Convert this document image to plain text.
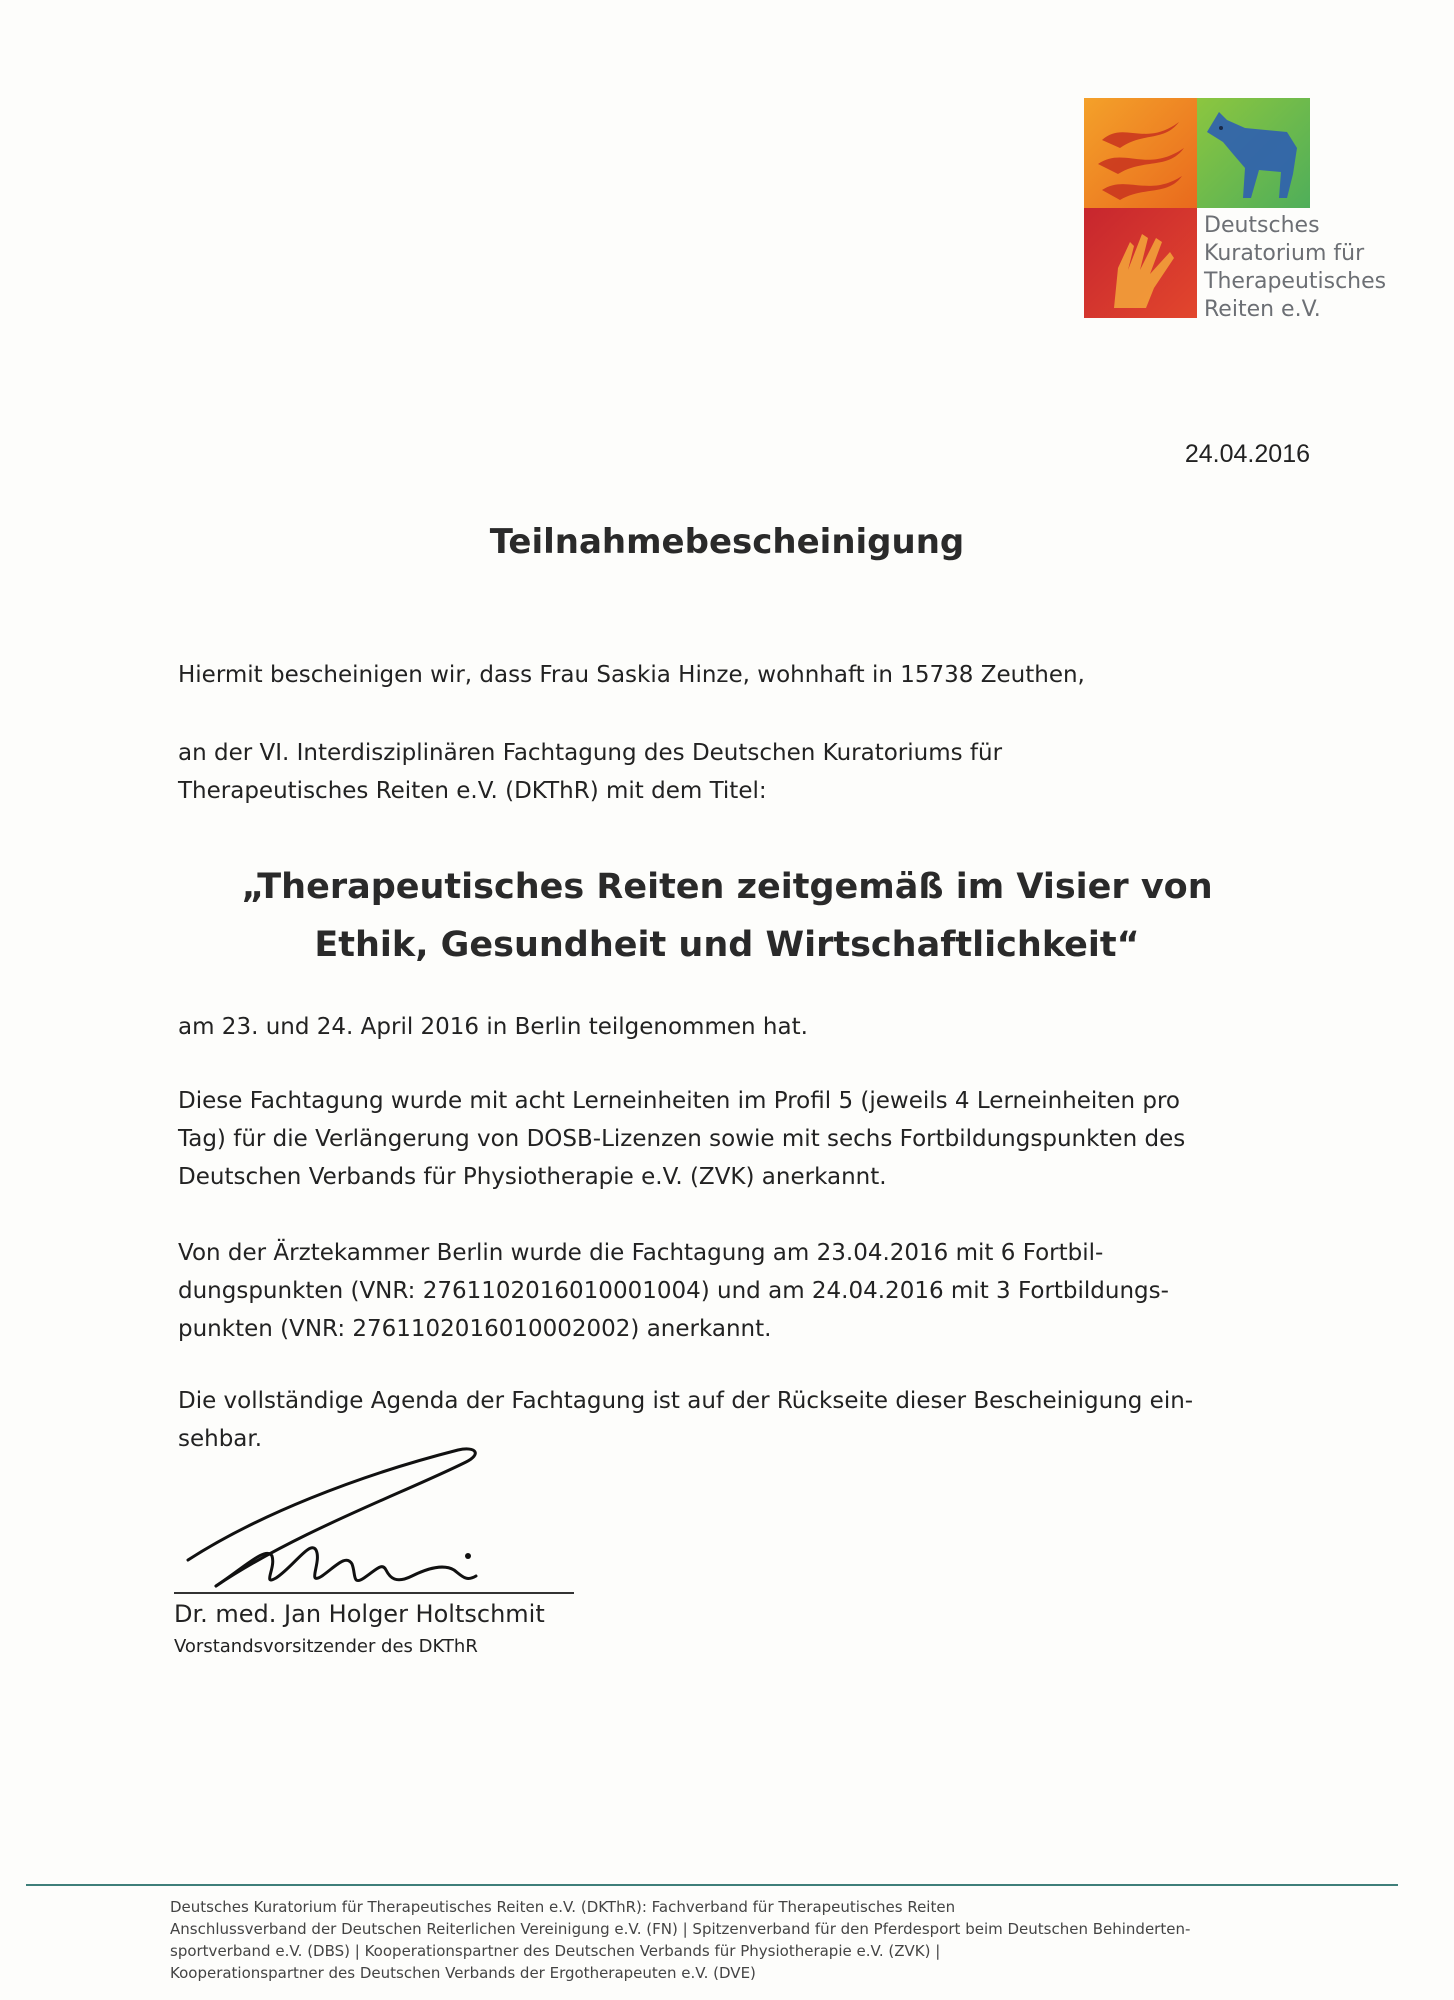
Deutsches
Kuratorium für
Therapeutisches
Reiten e.V.

24.04.2016
Teilnahmebescheinigung

Hiermit bescheinigen wir, dass Frau Saskia Hinze, wohnhaft in 15738 Zeuthen,

an der VI. Interdisziplinären Fachtagung des Deutschen Kuratoriums für
Therapeutisches Reiten e.V. (DKThR) mit dem Titel:

„Therapeutisches Reiten zeitgemäß im Visier von
Ethik, Gesundheit und Wirtschaftlichkeit“

am 23. und 24. April 2016 in Berlin teilgenommen hat.

Diese Fachtagung wurde mit acht Lerneinheiten im Profil 5 (jeweils 4 Lerneinheiten pro
Tag) für die Verlängerung von DOSB-Lizenzen sowie mit sechs Fortbildungspunkten des
Deutschen Verbands für Physiotherapie e.V. (ZVK) anerkannt.

Von der Ärztekammer Berlin wurde die Fachtagung am 23.04.2016 mit 6 Fortbil-
dungspunkten (VNR: 2761102016010001004) und am 24.04.2016 mit 3 Fortbildungs-
punkten (VNR: 2761102016010002002) anerkannt.

Die vollständige Agenda der Fachtagung ist auf der Rückseite dieser Bescheinigung ein-
sehbar.

Dr. med. Jan Holger Holtschmit
Vorstandsvorsitzender des DKThR

Deutsches Kuratorium für Therapeutisches Reiten e.V. (DKThR): Fachverband für Therapeutisches Reiten
Anschlussverband der Deutschen Reiterlichen Vereinigung e.V. (FN) | Spitzenverband für den Pferdesport beim Deutschen Behinderten-
sportverband e.V. (DBS) | Kooperationspartner des Deutschen Verbands für Physiotherapie e.V. (ZVK) |
Kooperationspartner des Deutschen Verbands der Ergotherapeuten e.V. (DVE)
